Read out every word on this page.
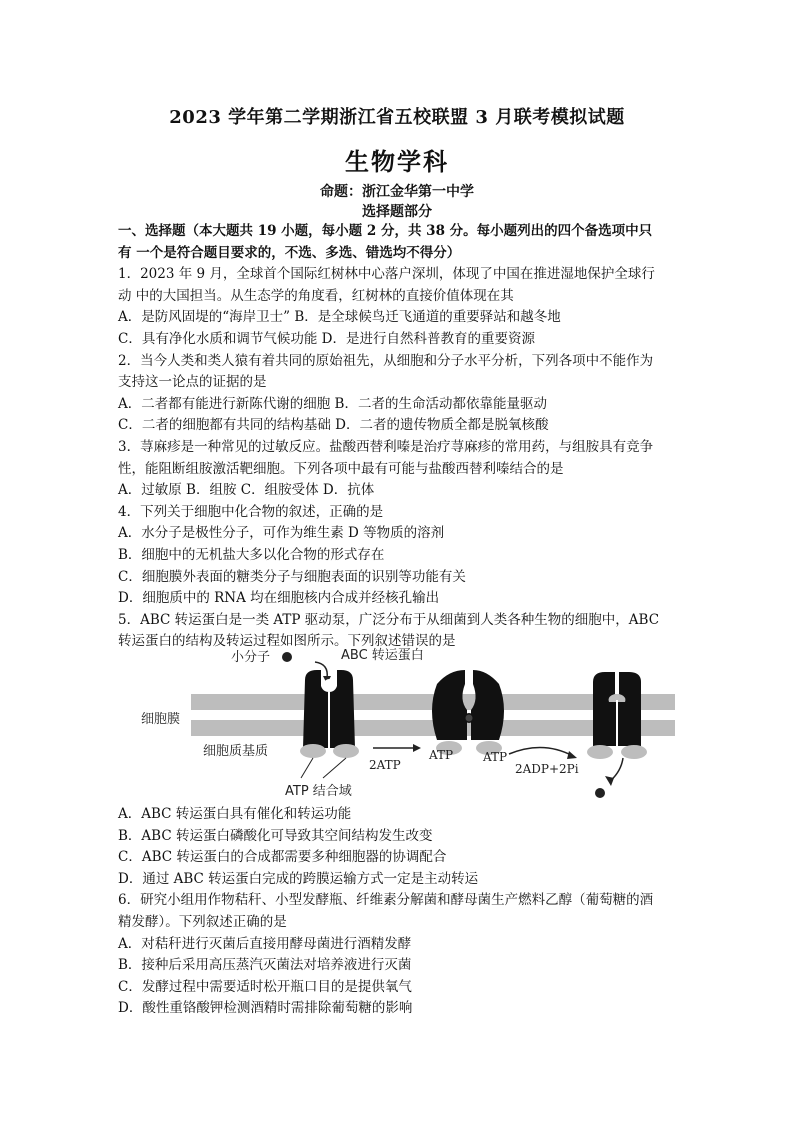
2023 学年第二学期浙江省五校联盟 3 月联考模拟试题
生物学科
命题：浙江金华第一中学
选择题部分

一、选择题（本大题共 19 小题，每小题 2 分，共 38 分。每小题列出的四个备选项中只

有 一个是符合题目要求的，不选、多选、错选均不得分）

1．2023 年 9 月，全球首个国际红树林中心落户深圳，体现了中国在推进湿地保护全球行

动 中的大国担当。从生态学的角度看，红树林的直接价值体现在其

A．是防风固堤的“海岸卫士” B．是全球候鸟迁飞通道的重要驿站和越冬地

C．具有净化水质和调节气候功能 D．是进行自然科普教育的重要资源

2．当今人类和类人猿有着共同的原始祖先，从细胞和分子水平分析，下列各项中不能作为

支持这一论点的证据的是

A．二者都有能进行新陈代谢的细胞 B．二者的生命活动都依靠能量驱动

C．二者的细胞都有共同的结构基础 D．二者的遗传物质全都是脱氧核酸

3．荨麻疹是一种常见的过敏反应。盐酸西替利嗪是治疗荨麻疹的常用药，与组胺具有竞争

性，能阻断组胺激活靶细胞。下列各项中最有可能与盐酸西替利嗪结合的是

A．过敏原 B．组胺 C．组胺受体 D．抗体

4．下列关于细胞中化合物的叙述，正确的是

A．水分子是极性分子，可作为维生素 D 等物质的溶剂

B．细胞中的无机盐大多以化合物的形式存在

C．细胞膜外表面的糖类分子与细胞表面的识别等功能有关

D．细胞质中的 RNA 均在细胞核内合成并经核孔输出

5．ABC 转运蛋白是一类 ATP 驱动泵，广泛分布于从细菌到人类各种生物的细胞中，ABC

转运蛋白的结构及转运过程如图所示。下列叙述错误的是

小分子	ABC 转运蛋白
细胞膜
细胞质基质
ATP 结合域
2ATP
ATP ATP
2ADP+2Pi

A．ABC 转运蛋白具有催化和转运功能

B．ABC 转运蛋白磷酸化可导致其空间结构发生改变

C．ABC 转运蛋白的合成都需要多种细胞器的协调配合

D．通过 ABC 转运蛋白完成的跨膜运输方式一定是主动转运

6．研究小组用作物秸秆、小型发酵瓶、纤维素分解菌和酵母菌生产燃料乙醇（葡萄糖的酒

精发酵）。下列叙述正确的是

A．对秸秆进行灭菌后直接用酵母菌进行酒精发酵

B．接种后采用高压蒸汽灭菌法对培养液进行灭菌

C．发酵过程中需要适时松开瓶口目的是提供氧气

D．酸性重铬酸钾检测酒精时需排除葡萄糖的影响
